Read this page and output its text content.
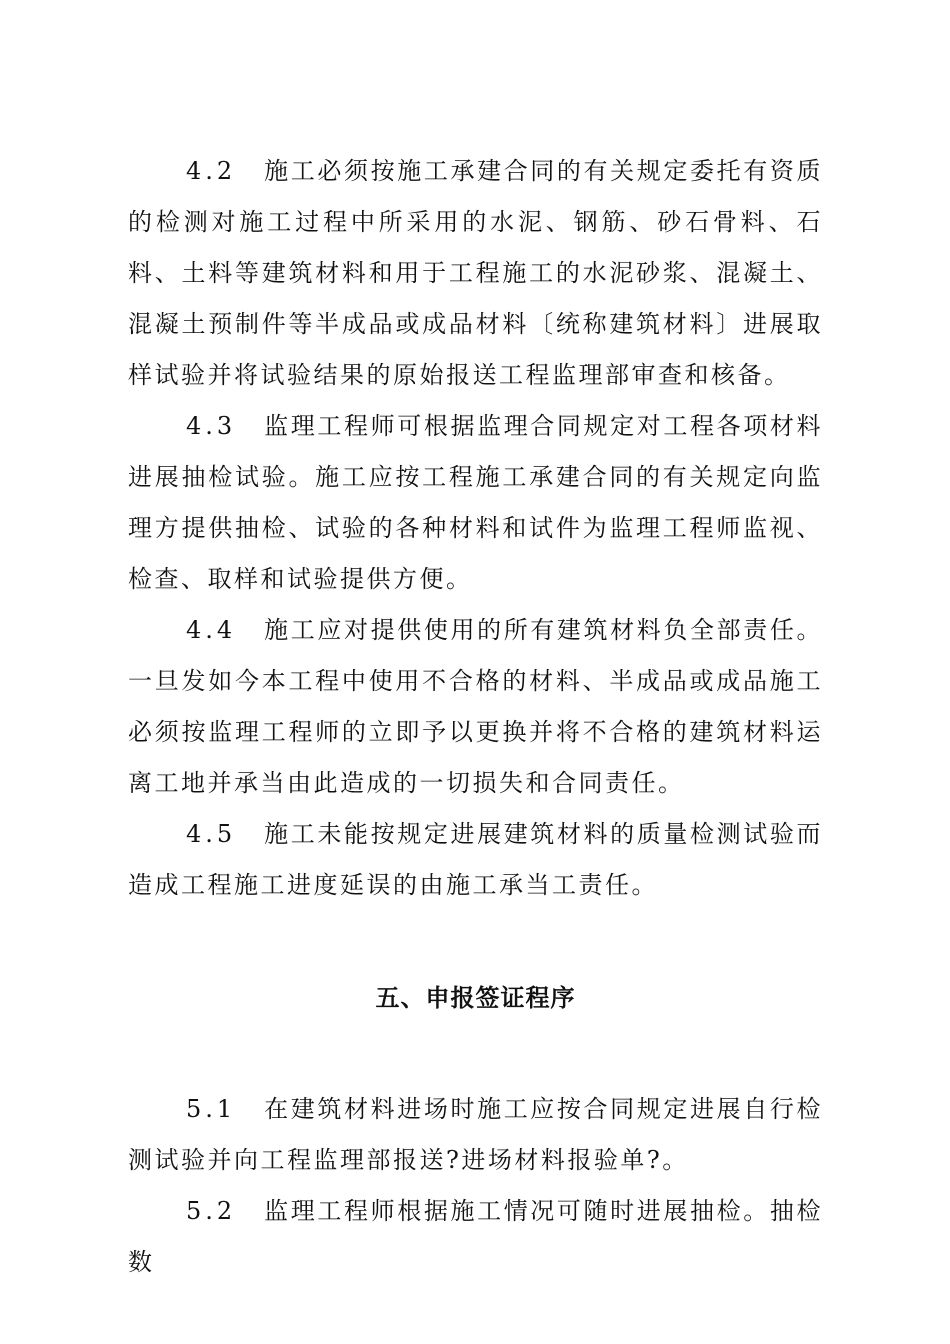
4.2 施工必须按施工承建合同的有关规定委托有资质的检测对施工过程中所采用的水泥、钢筋、砂石骨料、石料、土料等建筑材料和用于工程施工的水泥砂浆、混凝土、混凝土预制件等半成品或成品材料〔统称建筑材料〕进展取样试验并将试验结果的原始报送工程监理部审查和核备。

4.3 监理工程师可根据监理合同规定对工程各项材料进展抽检试验。施工应按工程施工承建合同的有关规定向监理方提供抽检、试验的各种材料和试件为监理工程师监视、检查、取样和试验提供方便。

4.4 施工应对提供使用的所有建筑材料负全部责任。一旦发如今本工程中使用不合格的材料、半成品或成品施工必须按监理工程师的立即予以更换并将不合格的建筑材料运离工地并承当由此造成的一切损失和合同责任。

4.5 施工未能按规定进展建筑材料的质量检测试验而造成工程施工进度延误的由施工承当工责任。

五、申报签证程序

5.1 在建筑材料进场时施工应按合同规定进展自行检测试验并向工程监理部报送?进场材料报验单?。

5.2 监理工程师根据施工情况可随时进展抽检。抽检数
